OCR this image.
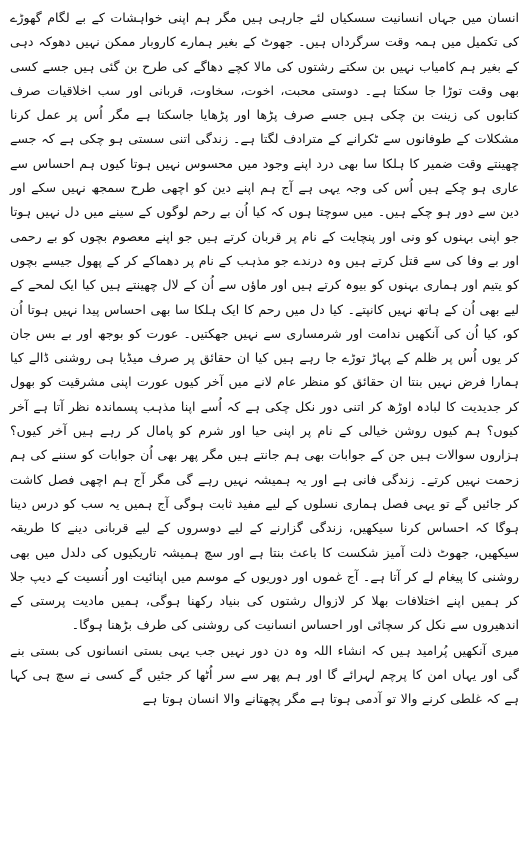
انسان میں جہاں انسانیت سسکیاں لئے جارہی ہیں مگر ہم اپنی خواہشات کے بے لگام گھوڑے کی تکمیل میں ہمہ وقت سرگرداں ہیں۔ جھوٹ کے بغیر ہمارے کاروبار ممکن نہیں دھوکہ دہی کے بغیر ہم کامیاب نہیں بن سکتے رشتوں کی مالا کچے دھاگے کی طرح بن گئی ہیں جسے کسی بھی وقت توڑا جا سکتا ہے۔ دوستی محبت، اخوت، سخاوت، قربانی اور سب اخلاقیات صرف کتابوں کی زینت بن چکی ہیں جسے صرف پڑھا اور پڑھایا جاسکتا ہے مگر اُس پر عمل کرنا مشکلات کے طوفانوں سے ٹکرانے کے مترادف لگتا ہے۔ زندگی اتنی سستی ہو چکی ہے کہ جسے چھینتے وقت ضمیر کا ہلکا سا بھی درد اپنے وجود میں محسوس نہیں ہوتا کیوں ہم احساس سے عاری ہو چکے ہیں اُس کی وجہ یہی ہے آج ہم اپنے دین کو اچھی طرح سمجھ نہیں سکے اور دین سے دور ہو چکے ہیں۔ میں سوچتا ہوں کہ کیا اُن بے رحم لوگوں کے سینے میں دل نہیں ہوتا جو اپنی بہنوں کو ونی اور پنچایت کے نام پر قربان کرتے ہیں جو اپنے معصوم بچوں کو بے رحمی اور بے وفا کی سے قتل کرتے ہیں وہ درندے جو مذہب کے نام پر دھماکے کر کے پھول جیسے بچوں کو یتیم اور ہماری بہنوں کو بیوہ کرتے ہیں اور ماؤں سے اُن کے لال چھینتے ہیں کیا ایک لمحے کے لیے بھی اُن کے ہاتھ نہیں کانپتے۔ کیا دل میں رحم کا ایک ہلکا سا بھی احساس پیدا نہیں ہوتا اُن کو، کیا اُن کی آنکھیں ندامت اور شرمساری سے نہیں جھکتیں۔ عورت کو بوجھ اور بے بس جان کر یوں اُس پر ظلم کے پہاڑ توڑے جا رہے ہیں کیا ان حقائق پر صرف میڈیا ہی روشنی ڈالے کیا ہمارا فرض نہیں بنتا ان حقائق کو منظر عام لانے میں آخر کیوں عورت اپنی مشرقیت کو بھول کر جدیدیت کا لبادہ اوڑھ کر اتنی دور نکل چکی ہے کہ اُسے اپنا مذہب پسماندہ نظر آتا ہے آخر کیوں؟ ہم کیوں روشن خیالی کے نام پر اپنی حیا اور شرم کو پامال کر رہے ہیں آخر کیوں؟ ہزاروں سوالات ہیں جن کے جوابات بھی ہم جانتے ہیں مگر پھر بھی اُن جوابات کو سننے کی ہم زحمت نہیں کرتے۔ زندگی فانی ہے اور یہ ہمیشہ نہیں رہے گی مگر آج ہم اچھی فصل کاشت کر جائیں گے تو یہی فصل ہماری نسلوں کے لیے مفید ثابت ہوگی آج ہمیں یہ سب کو درس دینا ہوگا کہ احساس کرنا سیکھیں، زندگی گزارنے کے لیے دوسروں کے لیے قربانی دینے کا طریقہ سیکھیں، جھوٹ ذلت آمیز شکست کا باعث بنتا ہے اور سچ ہمیشہ تاریکیوں کی دلدل میں بھی روشنی کا پیغام لے کر آتا ہے۔ آج غموں اور دوریوں کے موسم میں اپنائیت اور اُنسیت کے دیپ جلا کر ہمیں اپنے اختلافات بھلا کر لازوال رشتوں کی بنیاد رکھنا ہوگی، ہمیں مادیت پرستی کے اندھیروں سے نکل کر سچائی اور احساس انسانیت کی روشنی کی طرف بڑھنا ہوگا۔

میری آنکھیں پُرامید ہیں کہ انشاء اللہ وہ دن دور نہیں جب یہی بستی انسانوں کی بستی بنے گی اور یہاں امن کا پرچم لہرائے گا اور ہم پھر سے سر اُٹھا کر جئیں گے کسی نے سچ ہی کہا ہے کہ غلطی کرنے والا تو آدمی ہوتا ہے مگر پچھتانے والا انسان ہوتا ہے
